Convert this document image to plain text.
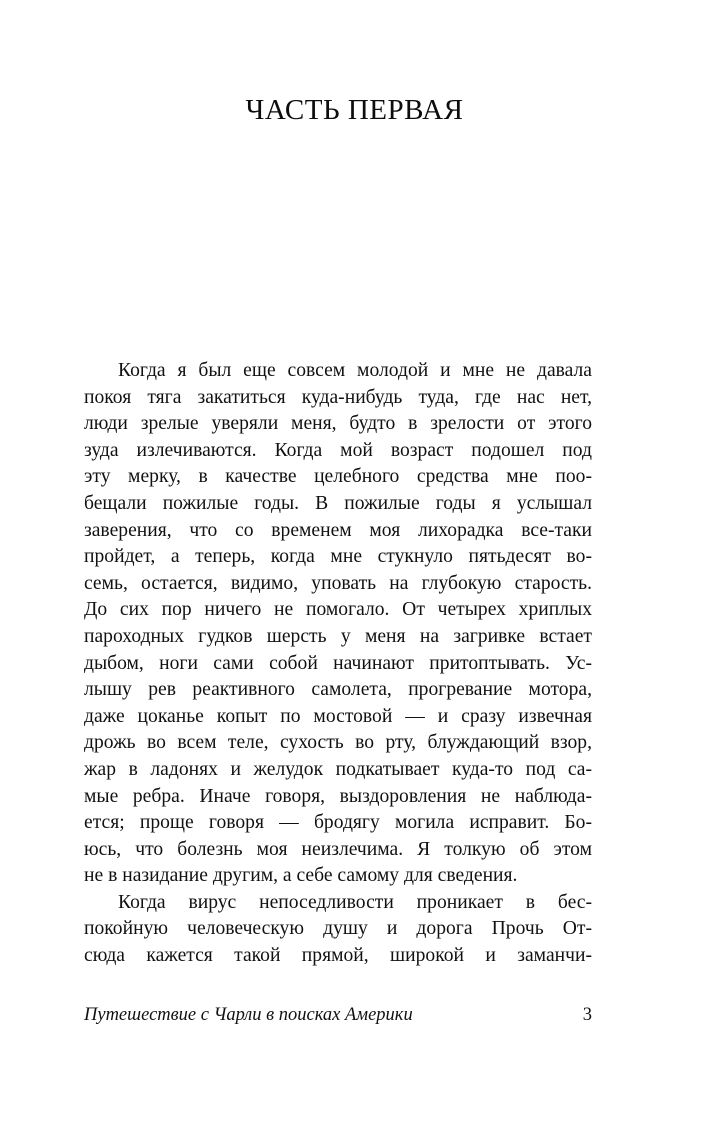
ЧАСТЬ ПЕРВАЯ
Когда я был еще совсем молодой и мне не давала
покоя тяга закатиться куда-нибудь туда, где нас нет,
люди зрелые уверяли меня, будто в зрелости от этого
зуда излечиваются. Когда мой возраст подошел под
эту мерку, в качестве целебного средства мне поо-
бещали пожилые годы. В пожилые годы я услышал
заверения, что со временем моя лихорадка все-таки
пройдет, а теперь, когда мне стукнуло пятьдесят во-
семь, остается, видимо, уповать на глубокую старость.
До сих пор ничего не помогало. От четырех хриплых
пароходных гудков шерсть у меня на загривке встает
дыбом, ноги сами собой начинают притоптывать. Ус-
лышу рев реактивного самолета, прогревание мотора,
даже цоканье копыт по мостовой — и сразу извечная
дрожь во всем теле, сухость во рту, блуждающий взор,
жар в ладонях и желудок подкатывает куда-то под са-
мые ребра. Иначе говоря, выздоровления не наблюда-
ется; проще говоря — бродягу могила исправит. Бо-
юсь, что болезнь моя неизлечима. Я толкую об этом
не в назидание другим, а себе самому для сведения.
Когда вирус непоседливости проникает в бес-
покойную человеческую душу и дорога Прочь От-
сюда кажется такой прямой, широкой и заманчи-
Путешествие с Чарли в поисках Америки	3
